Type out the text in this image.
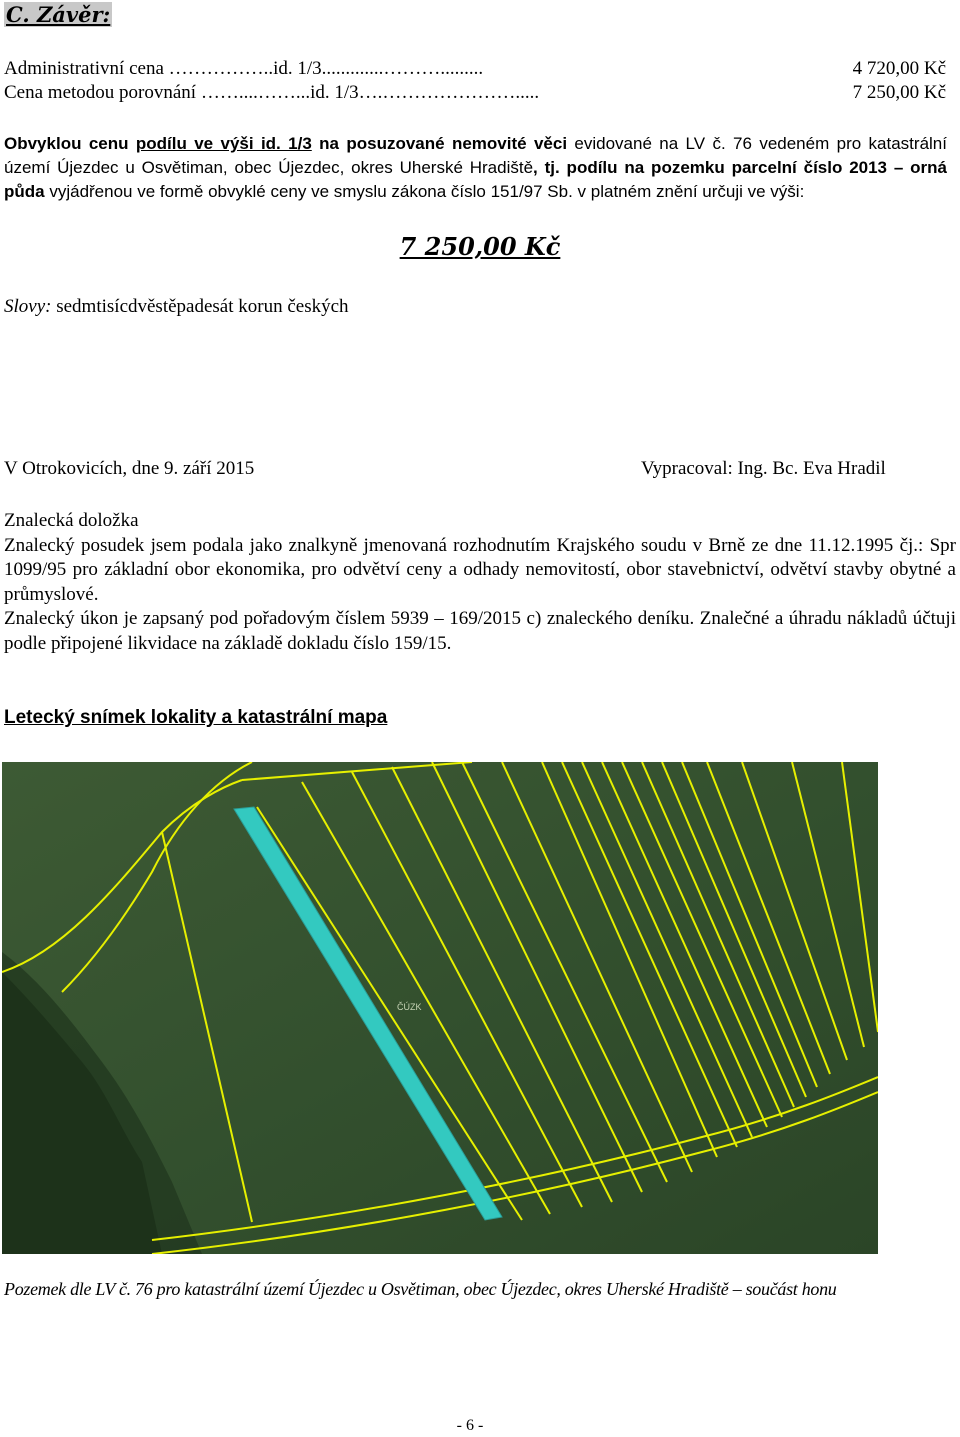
C. Závěr:
Administrativní cena ……………..id. 1/3.............……….........	4 720,00 Kč
Cena metodou porovnání ……....……...id. 1/3….………………….....	7 250,00 Kč
Obvyklou cenu podílu ve výši id. 1/3 na posuzované nemovité věci evidované na LV č. 76 vedeném pro katastrální území Újezdec u Osvětiman, obec Újezdec, okres Uherské Hradiště, tj. podílu na pozemku parcelní číslo 2013 – orná půda vyjádřenou ve formě obvyklé ceny ve smyslu zákona číslo 151/97 Sb. v platném znění určuji ve výši:
7 250,00 Kč
Slovy: sedmtisícdvěstěpadesát korun českých
V Otrokovicích, dne 9. září 2015	Vypracoval: Ing. Bc. Eva Hradil

Znalecká doložka

Znalecký posudek jsem podala jako znalkyně jmenovaná rozhodnutím Krajského soudu v Brně ze dne 11.12.1995 čj.: Spr 1099/95 pro základní obor ekonomika, pro odvětví ceny a odhady nemovitostí, obor stavebnictví, odvětví stavby obytné a průmyslové.

Znalecký úkon je zapsaný pod pořadovým číslem 5939 – 169/2015 c) znaleckého deníku. Znalečné a úhradu nákladů účtuji podle připojené likvidace na základě dokladu číslo 159/15.

Letecký snímek lokality a katastrální mapa
ČÚZK
Pozemek dle LV č. 76 pro katastrální území Újezdec u Osvětiman, obec Újezdec, okres Uherské Hradiště – součást honu
- 6 -
